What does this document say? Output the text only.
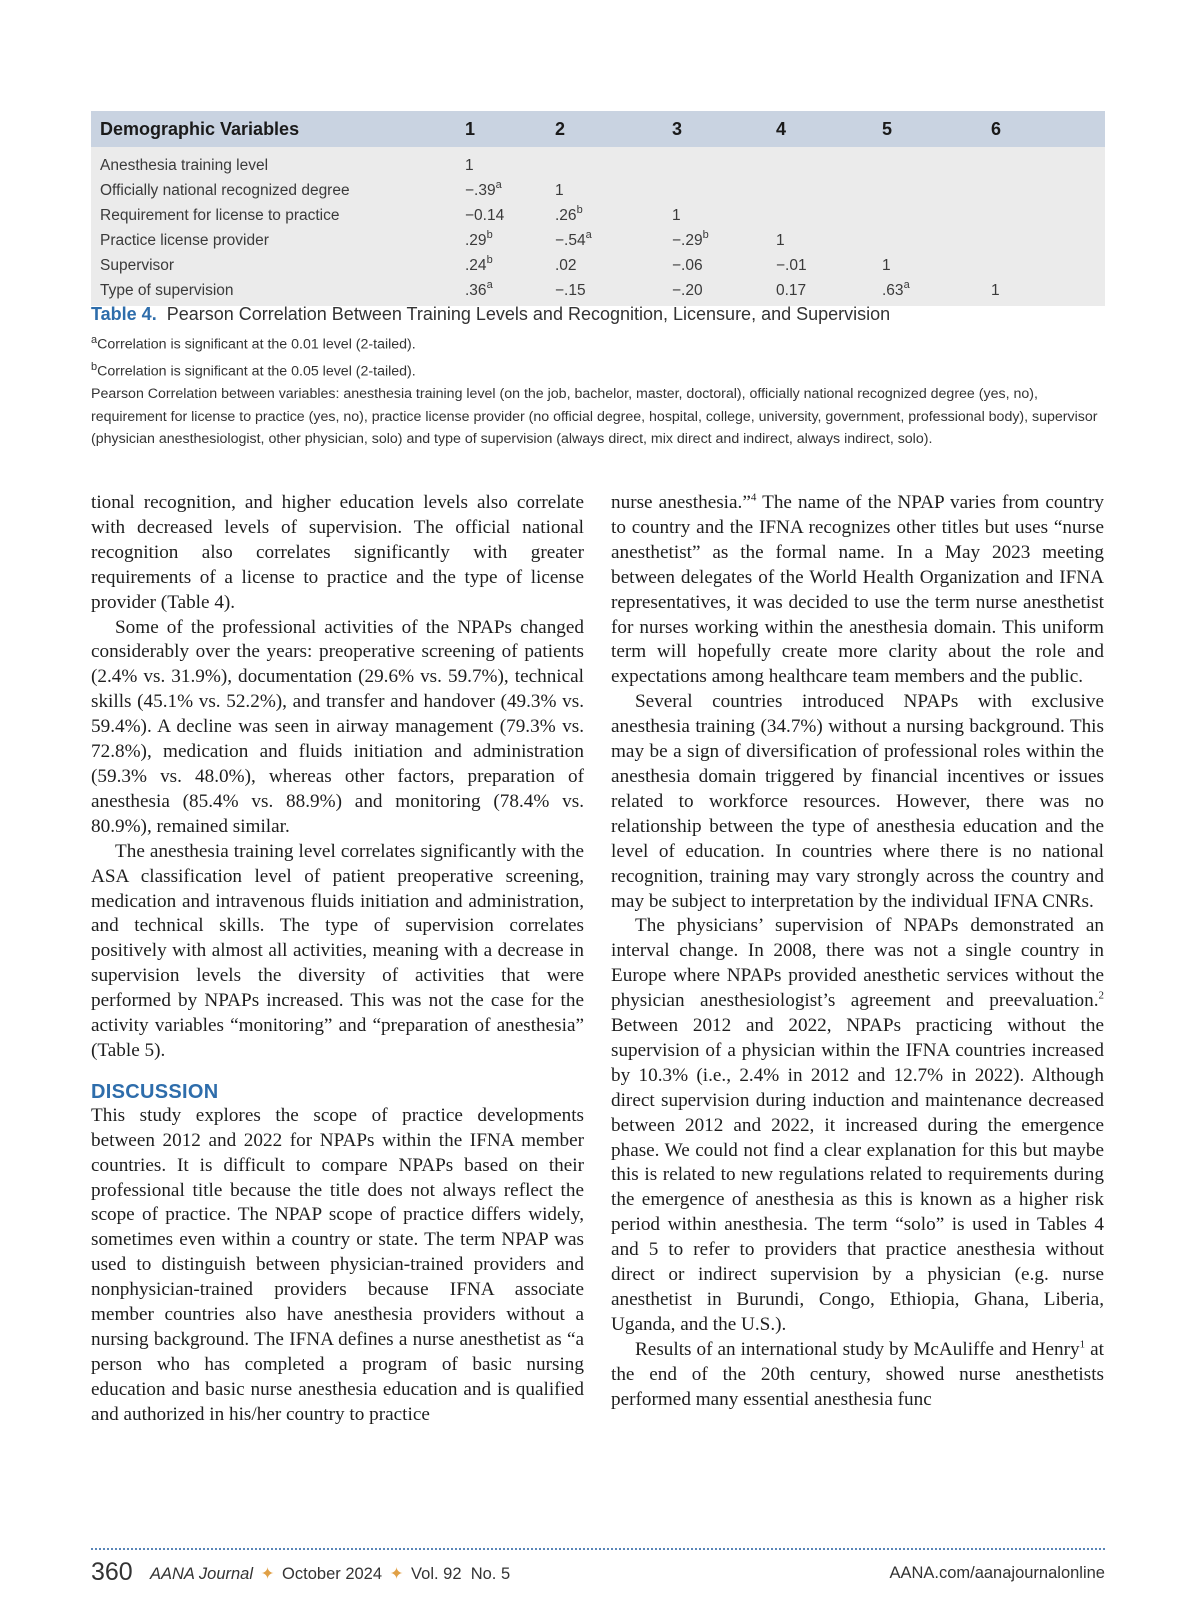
Demographic Variables	1	2	3	4	5	6
Anesthesia training level	1					
Officially national recognized degree	−.39$^a$	1				
Requirement for license to practice	−0.14	.26$^b$	1			
Practice license provider	.29$^b$	−.54$^a$	−.29$^b$	1		
Supervisor	.24$^b$	.02	−.06	−.01	1	
Type of supervision	.36$^a$	−.15	−.20	0.17	.63$^a$	1

Table 4. Pearson Correlation Between Training Levels and Recognition, Licensure, and Supervision

$^a$Correlation is significant at the 0.01 level (2-tailed).

$^b$Correlation is significant at the 0.05 level (2-tailed).

Pearson Correlation between variables: anesthesia training level (on the job, bachelor, master, doctoral), officially national recognized degree (yes, no), requirement for license to practice (yes, no), practice license provider (no official degree, hospital, college, university, government, professional body), supervisor (physician anesthesiologist, other physician, solo) and type of supervision (always direct, mix direct and indirect, always indirect, solo).

tional recognition, and higher education levels also correlate with decreased levels of supervision. The official national recognition also correlates significantly with greater requirements of a license to practice and the type of license provider (Table 4).

Some of the professional activities of the NPAPs changed considerably over the years: preoperative screening of patients (2.4% vs. 31.9%), documentation (29.6% vs. 59.7%), technical skills (45.1% vs. 52.2%), and transfer and handover (49.3% vs. 59.4%). A decline was seen in airway management (79.3% vs. 72.8%), medication and fluids initiation and administration (59.3% vs. 48.0%), whereas other factors, preparation of anesthesia (85.4% vs. 88.9%) and monitoring (78.4% vs. 80.9%), remained similar.

The anesthesia training level correlates significantly with the ASA classification level of patient preoperative screening, medication and intravenous fluids initiation and administration, and technical skills. The type of supervision correlates positively with almost all activities, meaning with a decrease in supervision levels the diversity of activities that were performed by NPAPs increased. This was not the case for the activity variables “monitoring” and “preparation of anesthesia” (Table 5).

DISCUSSION

This study explores the scope of practice developments between 2012 and 2022 for NPAPs within the IFNA member countries. It is difficult to compare NPAPs based on their professional title because the title does not always reflect the scope of practice. The NPAP scope of practice differs widely, sometimes even within a country or state. The term NPAP was used to distinguish between physician-trained providers and nonphysician-trained providers because IFNA associate member countries also have anesthesia providers without a nursing background. The IFNA defines a nurse anesthetist as “a person who has completed a program of basic nursing education and basic nurse anesthesia education and is qualified and authorized in his/her country to practice

nurse anesthesia.”$^4$ The name of the NPAP varies from country to country and the IFNA recognizes other titles but uses “nurse anesthetist” as the formal name. In a May 2023 meeting between delegates of the World Health Organization and IFNA representatives, it was decided to use the term nurse anesthetist for nurses working within the anesthesia domain. This uniform term will hopefully create more clarity about the role and expectations among healthcare team members and the public.

Several countries introduced NPAPs with exclusive anesthesia training (34.7%) without a nursing background. This may be a sign of diversification of professional roles within the anesthesia domain triggered by financial incentives or issues related to workforce resources. However, there was no relationship between the type of anesthesia education and the level of education. In countries where there is no national recognition, training may vary strongly across the country and may be subject to interpretation by the individual IFNA CNRs.

The physicians’ supervision of NPAPs demonstrated an interval change. In 2008, there was not a single country in Europe where NPAPs provided anesthetic services without the physician anesthesiologist’s agreement and preevaluation.$^2$ Between 2012 and 2022, NPAPs practicing without the supervision of a physician within the IFNA countries increased by 10.3% (i.e., 2.4% in 2012 and 12.7% in 2022). Although direct supervision during induction and maintenance decreased between 2012 and 2022, it increased during the emergence phase. We could not find a clear explanation for this but maybe this is related to new regulations related to requirements during the emergence of anesthesia as this is known as a higher risk period within anesthesia. The term “solo” is used in Tables 4 and 5 to refer to providers that practice anesthesia without direct or indirect supervision by a physician (e.g. nurse anesthetist in Burundi, Congo, Ethiopia, Ghana, Liberia, Uganda, and the U.S.).

Results of an international study by McAuliffe and Henry$^1$ at the end of the 20th century, showed nurse anesthetists performed many essential anesthesia func

360 AANA Journal ✦ October 2024 ✦ Vol. 92 No. 5	AANA.com/aanajournalonline
